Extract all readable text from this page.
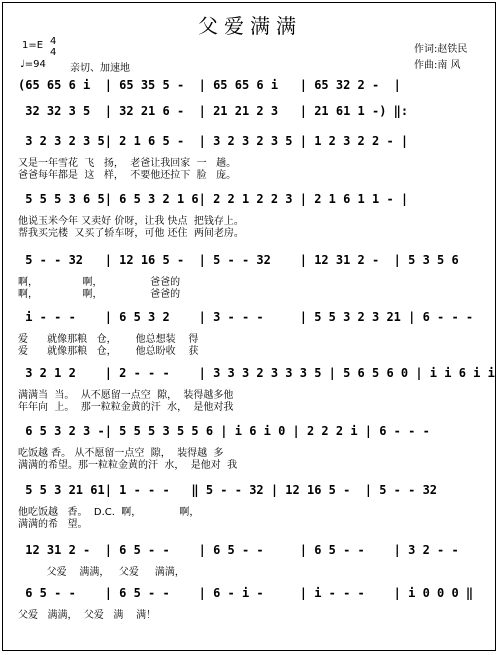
父爱满满
1=E 4
4
♩=94 亲切、加速地
作词:赵铁民
作曲:南 风
(65 65 6 i  | 65 35 5 -  | 65 65 6 i   | 65 32 2 -  |
32 32 3 5  | 32 21 6 -  | 21 21 2 3   | 21 61 1 -) ‖:
3 2 3 2 3 5| 2 1 6 5 -  | 3 2 3 2 3 5 | 1 2 3 2 2 - |
又是一年雪花  飞   扬，  老爸让我回家  一   趟。
爸爸每年都是  这   样，  不要他还拉下  脸   庞。
5 5 5 3 6 5| 6 5 3 2 1 6| 2 2 1 2 2 3 | 2 1 6 1 1 - |
他说玉米今年 又卖好 价呀，让我 快点  把钱存上。
帮我买完楼  又买了轿车呀，可他 还住  两间老房。
5 - - 32   | 12 16 5 -  | 5 - - 32    | 12 31 2 -  | 5 3 5 6
啊，              啊，               爸爸的
啊，              啊，               爸爸的
i - - -    | 6 5 3 2    | 3 - - -     | 5 5 3 2 3 21 | 6 - - -
爱      就像那粮   仓，      他总想装    得
爱      就像那粮   仓，      他总盼收    获
3 2 1 2    | 2 - - -    | 3 3 3 2 3 3 3 5 | 5 6 5 6 0 | i i 6 i i
满满当  当。  从不愿留一点空  隙，  装得越多他
年年向  上。  那一粒粒金黄的汗  水，  是他对我
6 5 3 2 3 -| 5 5 5 3 5 5 6 | i 6 i 0 | 2 2 2 i | 6 - - -
吃饭越 香。 从不愿留一点空  隙，  装得越  多
满满的希望。那一粒粒金黄的汗  水，  是他对  我
5 5 3 21 61| 1 - - -   ‖ 5 - - 32 | 12 16 5 -  | 5 - - 32
他吃饭越   香。  D.C.  啊，            啊，
满满的希   望。
12 31 2 -  | 6 5 - -    | 6 5 - -     | 6 5 - -    | 3 2 - -
父爱    满满，   父爱     满满，
6 5 - -    | 6 5 - -    | 6 - i -     | i - - -    | i 0 0 0 ‖
父爱   满满，  父爱   满    满！
